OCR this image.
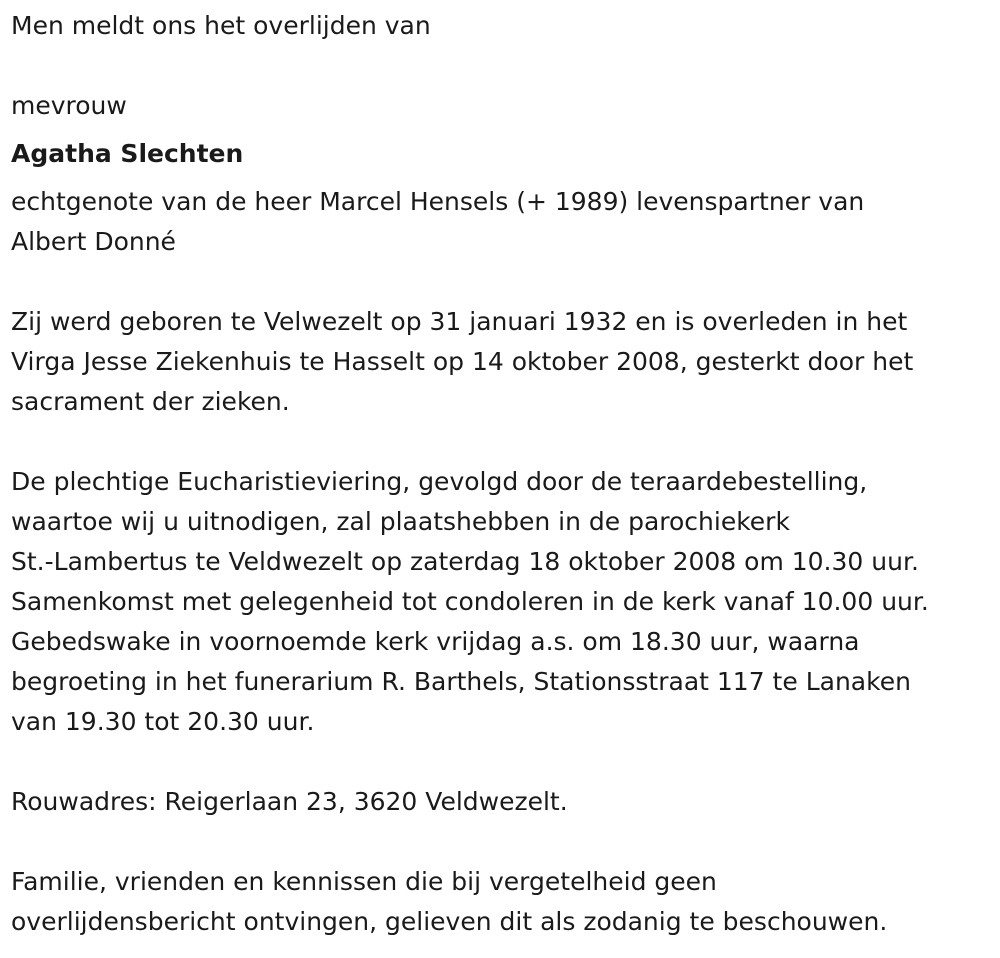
Men meldt ons het overlijden van

mevrouw

Agatha Slechten

echtgenote van de heer Marcel Hensels (+ 1989) levenspartner van

Albert Donné

Zij werd geboren te Velwezelt op 31 januari 1932 en is overleden in het

Virga Jesse Ziekenhuis te Hasselt op 14 oktober 2008, gesterkt door het

sacrament der zieken.

De plechtige Eucharistieviering, gevolgd door de teraardebestelling,

waartoe wij u uitnodigen, zal plaatshebben in de parochiekerk

St.-Lambertus te Veldwezelt op zaterdag 18 oktober 2008 om 10.30 uur.

Samenkomst met gelegenheid tot condoleren in de kerk vanaf 10.00 uur.

Gebedswake in voornoemde kerk vrijdag a.s. om 18.30 uur, waarna

begroeting in het funerarium R. Barthels, Stationsstraat 117 te Lanaken

van 19.30 tot 20.30 uur.

Rouwadres: Reigerlaan 23, 3620 Veldwezelt.

Familie, vrienden en kennissen die bij vergetelheid geen

overlijdensbericht ontvingen, gelieven dit als zodanig te beschouwen.
